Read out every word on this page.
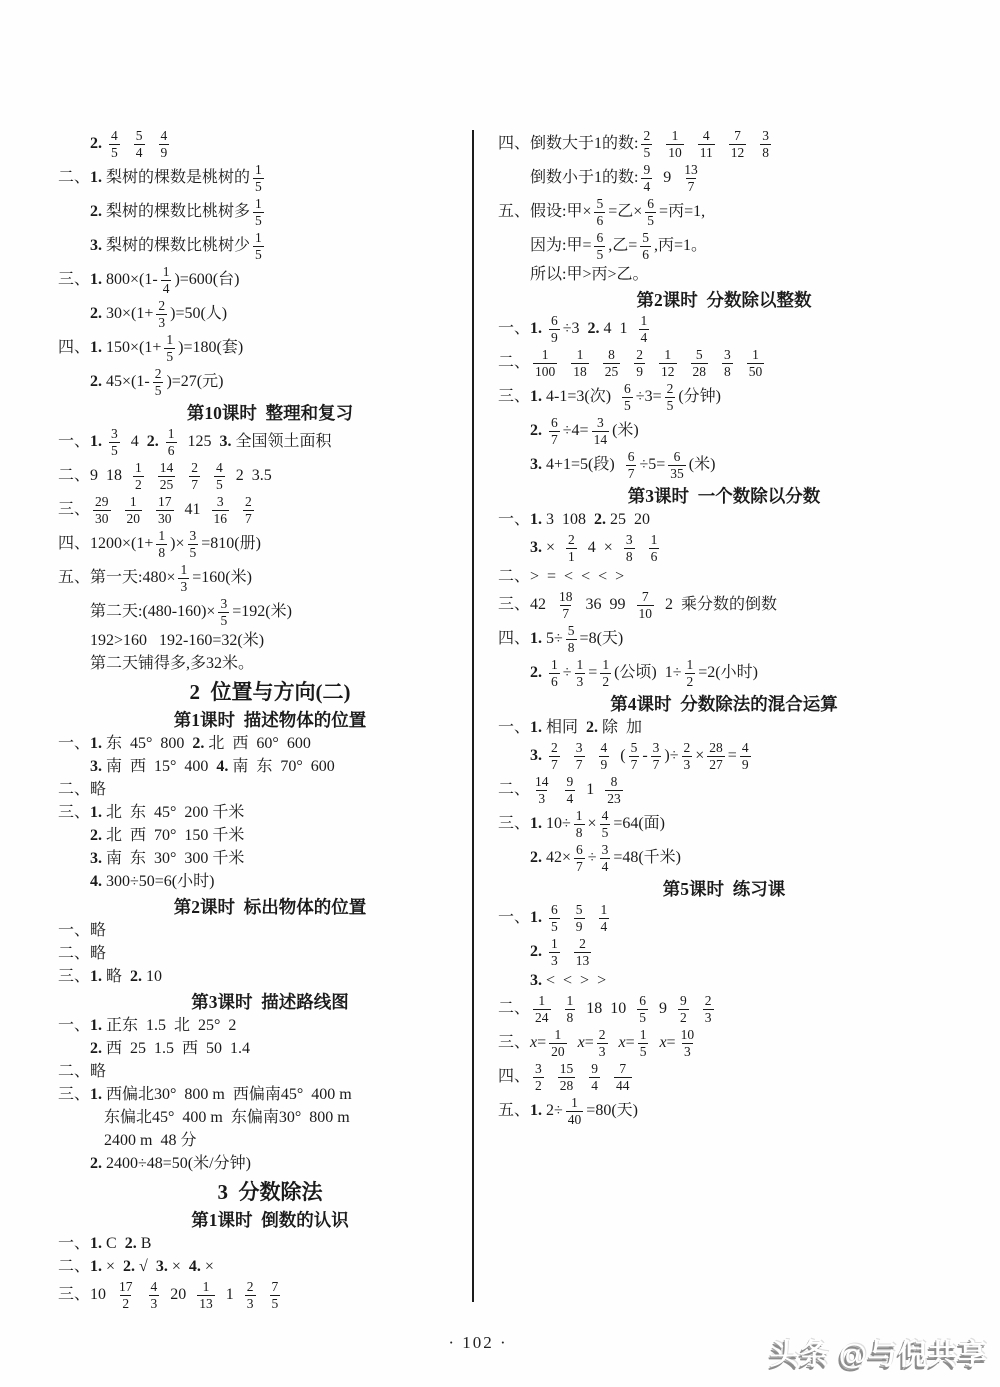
2. $\frac{4}{5}$
$\frac{5}{4}$
$\frac{4}{9}$
二、1. 梨树的棵数是桃树的 $\frac{1}{5}$
2. 梨树的棵数比桃树多 $\frac{1}{5}$
3. 梨树的棵数比桃树少 $\frac{1}{5}$
三、1. $800\times(1- \frac{1}{4} )=600$(台)
2. $30\times(1+ \frac{2}{3} )=50$(人)
四、1. $150\times(1+ \frac{1}{5} )=180$(套)
2. $45\times(1- \frac{2}{5} )=27$(元)
第10课时  整理和复习
一、1. $\frac{3}{5} 4$  2. $\frac{1}{6} 125$  3. 全国领土面积
二、9  $18 \frac{1}{2}$
$\frac{14}{25}$
$\frac{2}{7}$
$\frac{4}{5} 2$  3.5
三、 $\frac{29}{30}$
$\frac{1}{20}$
$\frac{17}{30} 41 \frac{3}{16}$
$\frac{2}{7}$
四、$1200\times(1+ \frac{1}{8}$ )× $\frac{3}{5} =810$(册)
五、第一天:480× $\frac{1}{3} =160$(米)
第二天:(480-160)× $\frac{3}{5} =192$(米)
192>160   192-160=32(米)
第二天铺得多,多32米。
2  位置与方向(二)
第1课时  描述物体的位置
一、1. 东  45°  800  2. 北  西  60°  600
3. 南  西  15°  400  4. 南  东  70°  600
二、略
三、1. 北  东  45°  200 千米
2. 北  西  70°  150 千米
3. 南  东  30°  300 千米
4. 300÷50=6(小时)
第2课时  标出物体的位置
一、略
二、略
三、1. 略  2. 10
第3课时  描述路线图
一、1. 正东  1.5  北  25°  2
2. 西  25  1.5  西  50  1.4
二、略
三、1. 西偏北30°  800 m  西偏南45°  400 m
东偏北45°  400 m  东偏南30°  800 m
2400 m  48 分
2. 2400÷48=50(米/分钟)
3  分数除法
第1课时  倒数的认识
一、1. C  2. B
二、1. ×  2. √  3. ×  4. ×
三、$10 \frac{17}{2}$
$\frac{4}{3} 20 \frac{1}{13} 1 \frac{2}{3}$
$\frac{7}{5}$
四、倒数大于1的数: $\frac{2}{5}$
$\frac{1}{10}$
$\frac{4}{11}$
$\frac{7}{12}$
$\frac{3}{8}$
倒数小于1的数: $\frac{9}{4} 9 \frac{13}{7}$
五、假设:甲× $\frac{5}{6}$ =乙× $\frac{6}{5}$ =丙=1,
因为:甲= $\frac{6}{5}$ ,乙= $\frac{5}{6}$ ,丙=1。
所以:甲>丙>乙。
第2课时  分数除以整数
一、1. $\frac{6}{9} \div 3$  2. 4  $1 \frac{1}{4}$
二、 $\frac{1}{100}$
$\frac{1}{18}$
$\frac{8}{25}$
$\frac{2}{9}$
$\frac{1}{12}$
$\frac{5}{28}$
$\frac{3}{8}$
$\frac{1}{50}$
三、1. 4-1=3(次) $\frac{6}{5} \div 3= \frac{2}{5}$ (分钟)
2. $\frac{6}{7} \div 4= \frac{3}{14}$ (米)
3. 4+1=5(段) $\frac{6}{7} \div 5= \frac{6}{35}$ (米)
第3课时  一个数除以分数
一、1. 3  108  2. 25  20
3. × $\frac{2}{1} 4 \times \frac{3}{8}$
$\frac{1}{6}$
二、>  =  <  <  <  >
三、$42 \frac{18}{7} 36$  $99 \frac{7}{10} 2$  乘分数的倒数
四、1. $5\div \frac{5}{8} =8$(天)
2. $\frac{1}{6} \div \frac{1}{3} = \frac{1}{2}$ (公顷)  $1\div \frac{1}{2} =2$(小时)
第4课时  分数除法的混合运算
一、1. 相同  2. 除  加
3. $\frac{2}{7}$
$\frac{3}{7}$
$\frac{4}{9}$ ( $\frac{5}{7} - \frac{3}{7}$ )÷ $\frac{2}{3} \times \frac{28}{27} = \frac{4}{9}$
二、 $\frac{14}{3}$
$\frac{9}{4} 1 \frac{8}{23}$
三、1. $10\div \frac{1}{8} \times \frac{4}{5} =64$(面)
2. $42\times \frac{6}{7} \div \frac{3}{4} =48$(千米)
第5课时  练习课
一、1. $\frac{6}{5}$
$\frac{5}{9}$
$\frac{1}{4}$
2. $\frac{1}{3}$
$\frac{2}{13}$
3. <  <  >  >
二、 $\frac{1}{24}$
$\frac{1}{8} 18$  $10 \frac{6}{5} 9 \frac{9}{2}$
$\frac{2}{3}$
三、$x= \frac{1}{20} x= \frac{2}{3} x= \frac{1}{5} x= \frac{10}{3}$
四、 $\frac{3}{2}$
$\frac{15}{28}$
$\frac{9}{4}$
$\frac{7}{44}$
五、1. $2\div \frac{1}{40} =80$(天)
· 102 ·	头条 @与倪共享
